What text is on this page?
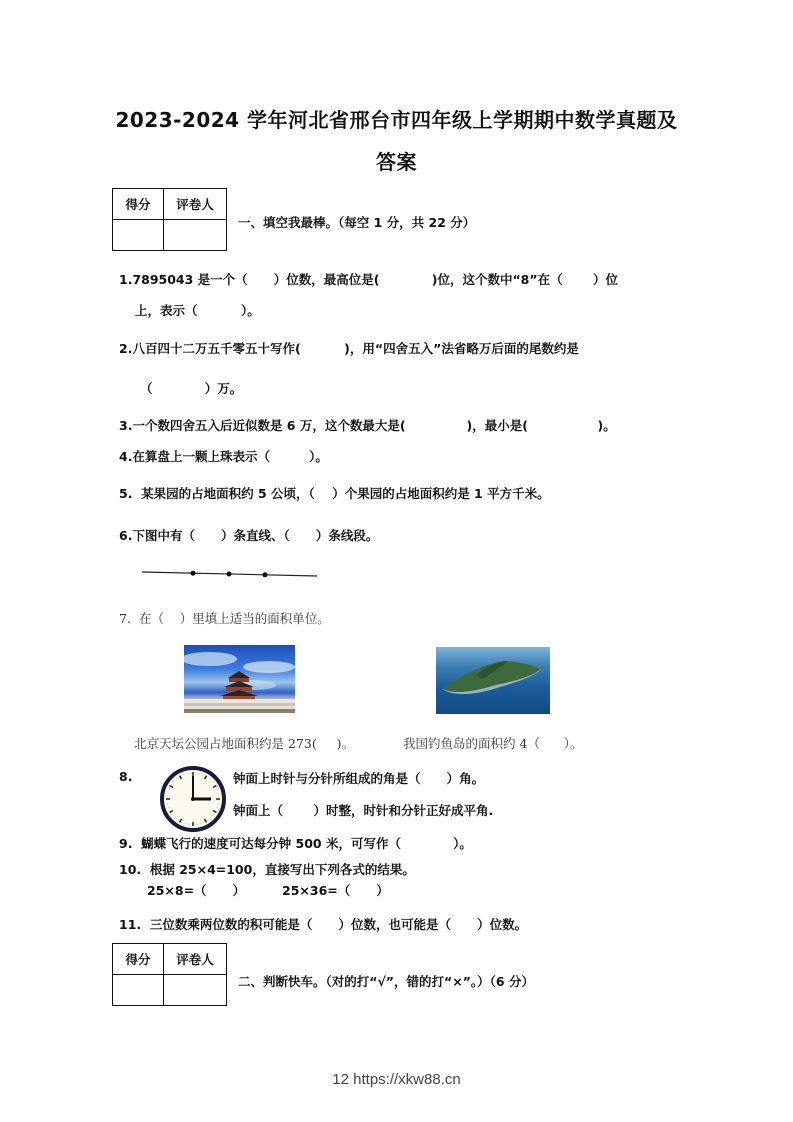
2023-2024 学年河北省邢台市四年级上学期期中数学真题及
答案
得分	评卷人

一、填空我最棒。（每空 1 分，共 22 分）
1.7895043 是一个（      ）位数，最高位是(            )位，这个数中“8”在（       ）位
上，表示（          ）。
2.八百四十二万五千零五十写作(          )，用“四舍五入”法省略万后面的尾数约是
（            ）万。
3.一个数四舍五入后近似数是 6 万，这个数最大是(              )，最小是(                )。
4.在算盘上一颗上珠表示（         ）。
5.  某果园的占地面积约 5 公顷，（    ）个果园的占地面积约是 1 平方千米。
6.下图中有（      ）条直线、（      ）条线段。
7.  在（    ）里填上适当的面积单位。
北京天坛公园占地面积约是 273(     )。	我国钓鱼岛的面积约 4（      ）。
8.	钟面上时针与分针所组成的角是（      ）角。
钟面上（       ）时整，时针和分针正好成平角.
9.  蝴蝶飞行的速度可达每分钟 500 米，可写作（            ）。
10.  根据 25×4=100，直接写出下列各式的结果。
25×8=（      ）	25×36=（      ）
11.  三位数乘两位数的积可能是（      ）位数，也可能是（      ）位数。
得分	评卷人

二、判断快车。（对的打“√”，错的打“×”。）（6 分）
12 https://xkw88.cn
